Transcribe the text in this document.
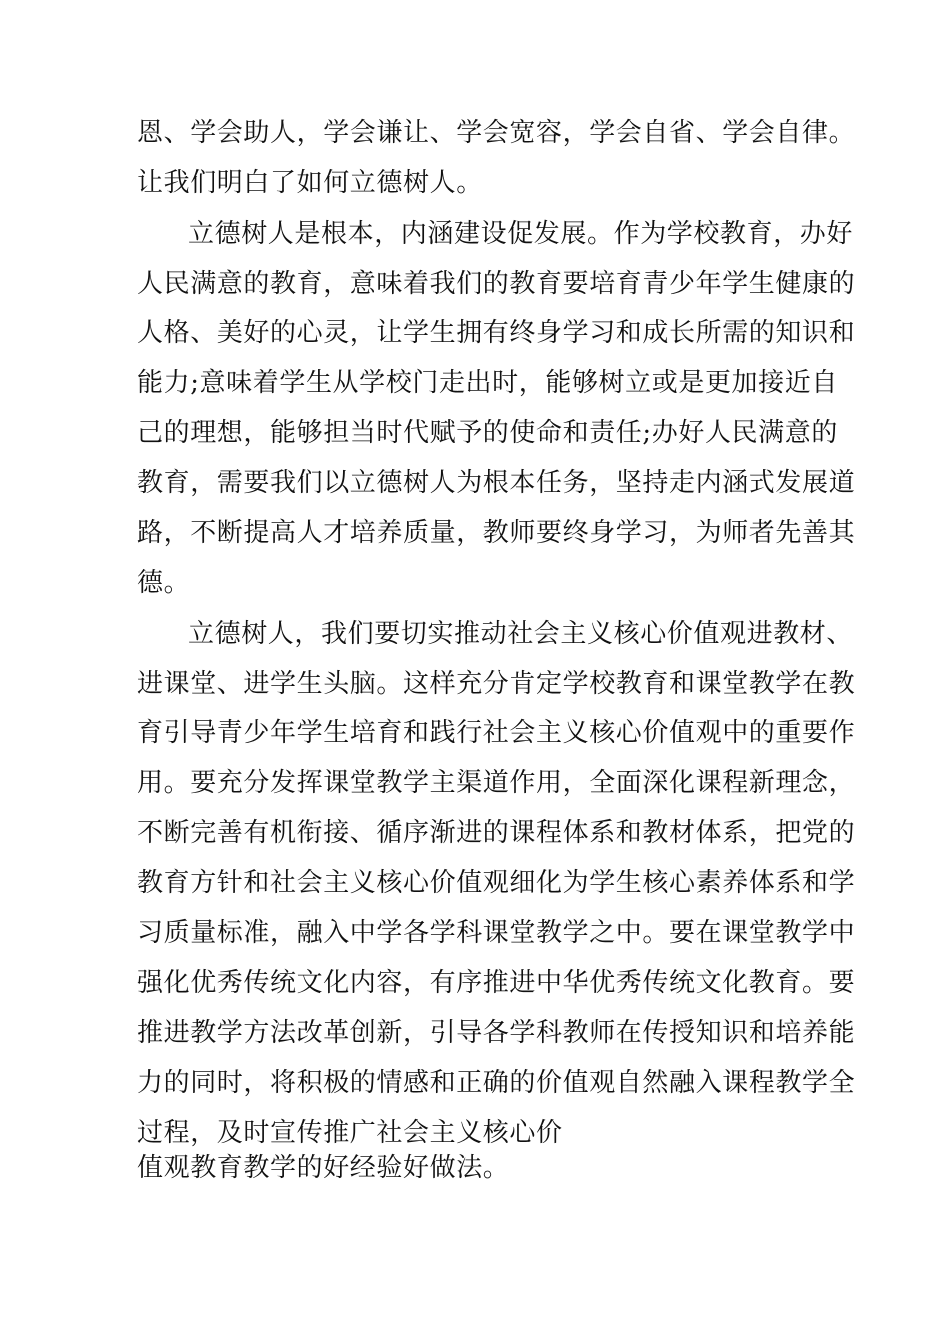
恩、学会助人，学会谦让、学会宽容，学会自省、学会自律。
让我们明白了如何立德树人。
立德树人是根本，内涵建设促发展。作为学校教育，办好
人民满意的教育，意味着我们的教育要培育青少年学生健康的
人格、美好的心灵，让学生拥有终身学习和成长所需的知识和
能力;意味着学生从学校门走出时，能够树立或是更加接近自
己的理想，能够担当时代赋予的使命和责任;办好人民满意的
教育，需要我们以立德树人为根本任务，坚持走内涵式发展道
路，不断提高人才培养质量，教师要终身学习，为师者先善其
德。
立德树人，我们要切实推动社会主义核心价值观进教材、
进课堂、进学生头脑。这样充分肯定学校教育和课堂教学在教
育引导青少年学生培育和践行社会主义核心价值观中的重要作
用。要充分发挥课堂教学主渠道作用，全面深化课程新理念，
不断完善有机衔接、循序渐进的课程体系和教材体系，把党的
教育方针和社会主义核心价值观细化为学生核心素养体系和学
习质量标准，融入中学各学科课堂教学之中。要在课堂教学中
强化优秀传统文化内容，有序推进中华优秀传统文化教育。要
推进教学方法改革创新，引导各学科教师在传授知识和培养能
力的同时，将积极的情感和正确的价值观自然融入课程教学全
过程，及时宣传推广社会主义核心价
值观教育教学的好经验好做法。
